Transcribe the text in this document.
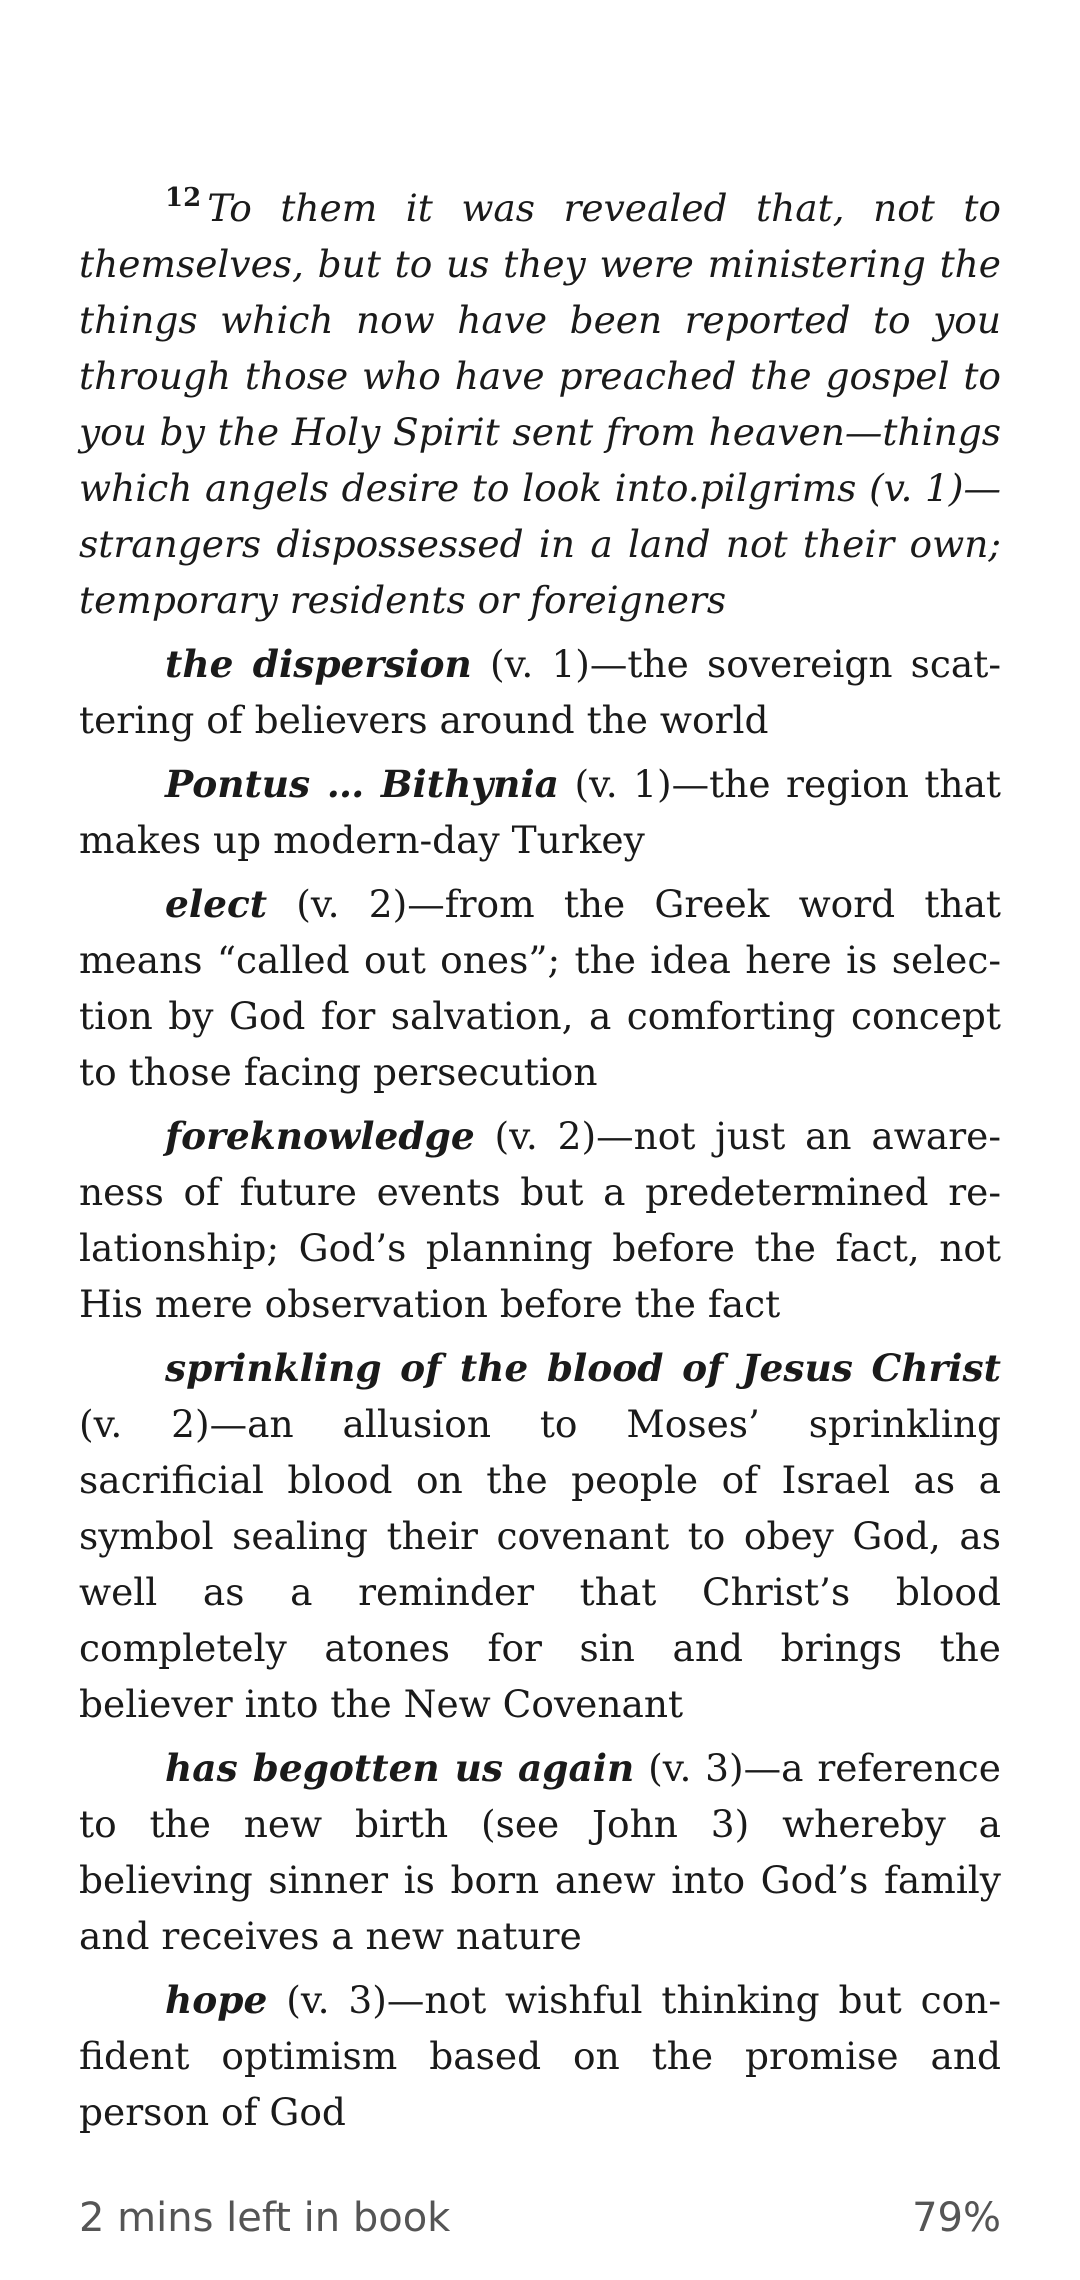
$^{12}$ To them it was revealed that, not to themselves, but to us they were ministering the things which now have been reported to you through those who have preached the gospel to you by the Holy Spirit sent from heaven—things which angels desire to look into.pilgrims (v. 1)—strangers dispossessed in a land not their own; temporary residents or foreigners

the dispersion (v. 1)—the sovereign scattering of believers around the world

Pontus … Bithynia (v. 1)—the region that makes up modern-day Turkey

elect (v. 2)—from the Greek word that means “called out ones”; the idea here is selection by God for salvation, a comforting concept to those facing persecution

foreknowledge (v. 2)—not just an awareness of future events but a predetermined relationship; God’s planning before the fact, not His mere observation before the fact

sprinkling of the blood of Jesus Christ (v. 2)—an allusion to Moses’ sprinkling sacrificial blood on the people of Israel as a symbol sealing their covenant to obey God, as well as a reminder that Christ’s blood completely atones for sin and brings the believer into the New Covenant

has begotten us again (v. 3)—a reference to the new birth (see John 3) whereby a believing sinner is born anew into God’s family and receives a new nature

hope (v. 3)—not wishful thinking but confident optimism based on the promise and person of God

2 mins left in book	79%
